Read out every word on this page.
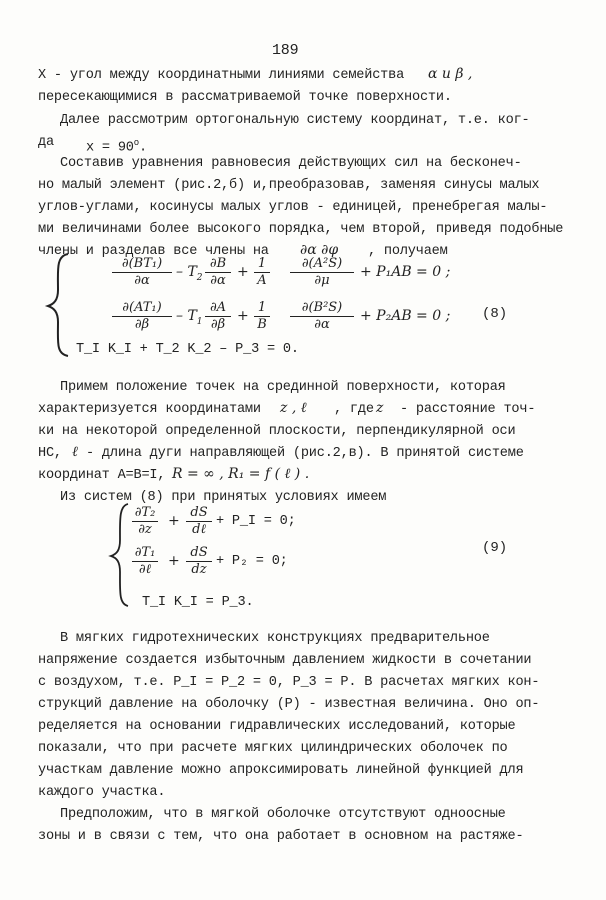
189
X - угол между координатными линиями семейства α и β ,
пересекающимися в рассматриваемой точке поверхности.
Далее рассмотрим ортогональную систему координат, т.е. ког-
да $x = 90^o$.
Составив уравнения равновесия действующих сил на бесконеч-
но малый элемент (рис.2,б) и,преобразовав, заменяя синусы малых
углов-углами, косинусы малых углов - единицей, пренебрегая малы-
ми величинами более высокого порядка, чем второй, приведя подобные
члены и разделав все члены на ∂α ∂φ , получаем
$\frac{\text{∂(BT₁)}}{\partial\alpha} - T_2 \frac{\partial B}{\partial\alpha} + \frac{1}{A} \frac{\text{∂(A²S)}}{\partial\mu} + P_1AB = 0$ ;
$\frac{\text{∂(AT₁)}}{\partial\beta} - T_1 \frac{\partial A}{\partial\beta} + \frac{1}{B} \frac{\text{∂(B²S)}}{\partial\alpha} + P_2AB = 0$ ; (8)
T_I K_I + T_2 K_2 – P_3 = 0.
Примем положение точек на срединной поверхности, которая
характеризуется координатами z , ℓ , где z - расстояние точ-
ки на некоторой определенной плоскости, перпендикулярной оси
НС, ℓ - длина дуги направляющей (рис.2,в). В принятой системе
координат A=B=I, R = ∞ , R₁ = f ( ℓ ) .
Из систем (8) при принятых условиях имеем
$\frac{\text{∂T₂}}{\partial z}$ +
dS
dℓ
+ P_I = 0;
∂T₁
∂ℓ
+ $\frac{dS}{dz} + P_2 = 0$;
(9)
T_I K_I = P_3.
В мягких гидротехнических конструкциях предварительное
напряжение создается избыточным давлением жидкости в сочетании
с воздухом, т.е. P_I = P_2 = 0, P_3 = P. В расчетах мягких кон-
струкций давление на оболочку (P) - известная величина. Оно оп-
ределяется на основании гидравлических исследований, которые
показали, что при расчете мягких цилиндрических оболочек по
участкам давление можно апроксимировать линейной функцией для
каждого участка.
Предположим, что в мягкой оболочке отсутствуют одноосные
зоны и в связи с тем, что она работает в основном на растяже-
